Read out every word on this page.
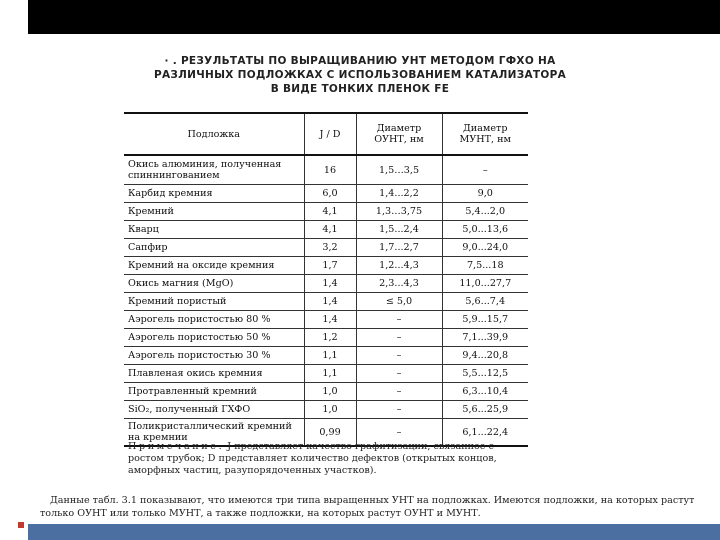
· . РЕЗУЛЬТАТЫ ПО ВЫРАЩИВАНИЮ УНТ МЕТОДОМ ГФХО НА
РАЗЛИЧНЫХ ПОДЛОЖКАХ С ИСПОЛЬЗОВАНИЕМ КАТАЛИЗАТОРА
В ВИДЕ ТОНКИХ ПЛЕНОК FE
Подложка	J / D	Диаметр ОУНТ, нм	Диаметр МУНТ, нм
Окись алюминия, полученная спиннингованием	16	1,5…3,5	–
Карбид кремния	6,0	1,4...2,2	9,0
Кремний	4,1	1,3…3,75	5,4...2,0
Кварц	4,1	1,5...2,4	5,0...13,6
Сапфир	3,2	1,7...2,7	9,0...24,0
Кремний на оксиде кремния	1,7	1,2...4,3	7,5...18
Окись магния (MgO)	1,4	2,3...4,3	11,0...27,7
Кремний пористый	1,4	≤ 5,0	5,6...7,4
Аэрогель пористостью 80 %	1,4	–	5,9...15,7
Аэрогель пористостью 50 %	1,2	–	7,1...39,9
Аэрогель пористостью 30 %	1,1	–	9,4...20,8
Плавленая окись кремния	1,1	–	5,5...12,5
Протравленный кремний	1,0	–	6,3...10,4
SiO₂, полученный ГХФО	1,0	–	5,6...25,9
Поликристаллический кремний на кремнии	0,99	–	6,1...22,4
Примечание. J представляет качество графитизации, связанное с ростом трубок; D представляет количество дефектов (открытых концов, аморфных частиц, разупорядоченных участков).
Данные табл. 3.1 показывают, что имеются три типа выращенных УНТ на подложках. Имеются подложки, на которых растут только ОУНТ или только МУНТ, а также подложки, на которых растут ОУНТ и МУНТ.
